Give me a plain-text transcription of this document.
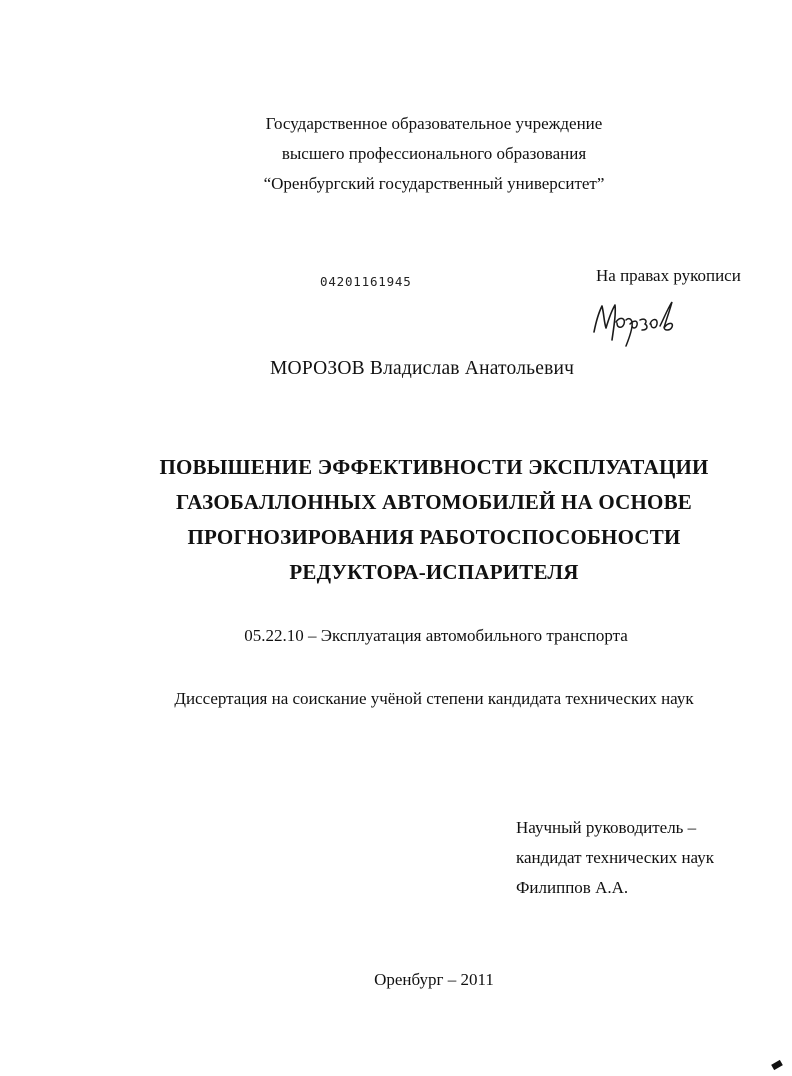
Государственное образовательное учреждение
высшего профессионального образования
“Оренбургский государственный университет”
04201161945	На правах рукописи
МОРОЗОВ Владислав Анатольевич
ПОВЫШЕНИЕ ЭФФЕКТИВНОСТИ ЭКСПЛУАТАЦИИ
ГАЗОБАЛЛОННЫХ АВТОМОБИЛЕЙ НА ОСНОВЕ
ПРОГНОЗИРОВАНИЯ РАБОТОСПОСОБНОСТИ
РЕДУКТОРА-ИСПАРИТЕЛЯ
05.22.10 – Эксплуатация автомобильного транспорта
Диссертация на соискание учёной степени кандидата технических наук
Научный руководитель –
кандидат технических наук
Филиппов А.А.
Оренбург – 2011
